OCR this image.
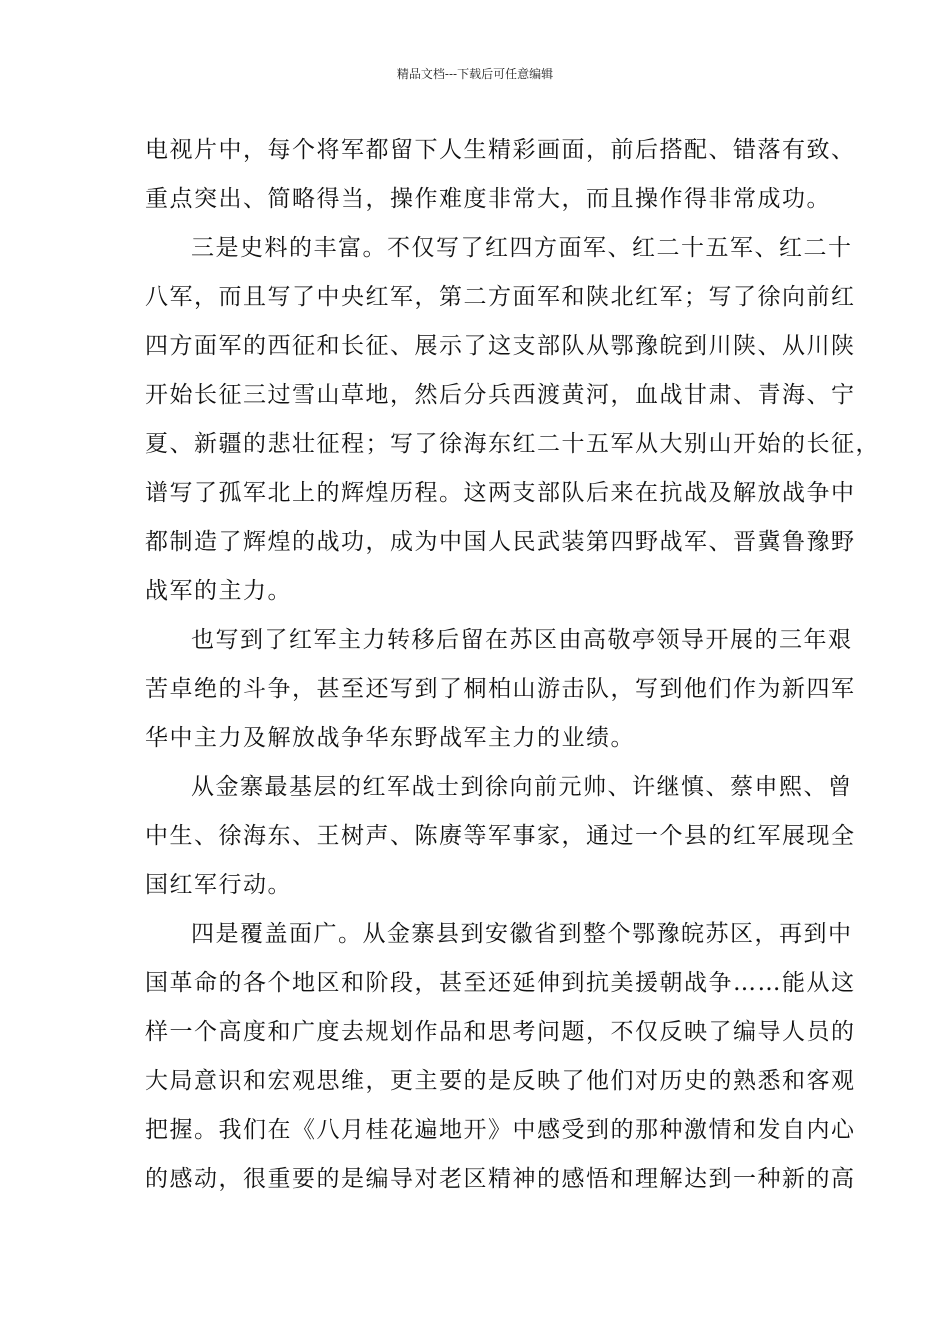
精品文档---下载后可任意编辑

电视片中，每个将军都留下人生精彩画面，前后搭配、错落有致、

重点突出、简略得当，操作难度非常大，而且操作得非常成功。

三是史料的丰富。不仅写了红四方面军、红二十五军、红二十

八军，而且写了中央红军，第二方面军和陕北红军；写了徐向前红

四方面军的西征和长征、展示了这支部队从鄂豫皖到川陕、从川陕

开始长征三过雪山草地，然后分兵西渡黄河，血战甘肃、青海、宁

夏、新疆的悲壮征程；写了徐海东红二十五军从大别山开始的长征，

谱写了孤军北上的辉煌历程。这两支部队后来在抗战及解放战争中

都制造了辉煌的战功，成为中国人民武装第四野战军、晋冀鲁豫野

战军的主力。

也写到了红军主力转移后留在苏区由高敬亭领导开展的三年艰

苦卓绝的斗争，甚至还写到了桐柏山游击队，写到他们作为新四军

华中主力及解放战争华东野战军主力的业绩。

从金寨最基层的红军战士到徐向前元帅、许继慎、蔡申熙、曾

中生、徐海东、王树声、陈赓等军事家，通过一个县的红军展现全

国红军行动。

四是覆盖面广。从金寨县到安徽省到整个鄂豫皖苏区，再到中

国革命的各个地区和阶段，甚至还延伸到抗美援朝战争……能从这

样一个高度和广度去规划作品和思考问题，不仅反映了编导人员的

大局意识和宏观思维，更主要的是反映了他们对历史的熟悉和客观

把握。我们在《八月桂花遍地开》中感受到的那种激情和发自内心

的感动，很重要的是编导对老区精神的感悟和理解达到一种新的高
